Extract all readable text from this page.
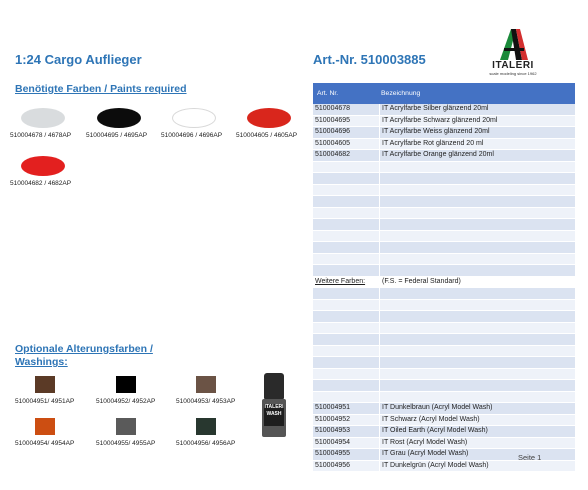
1:24 Cargo Auflieger	Art.-Nr. 510003885	ITALERI
scale modeling since 1962
Benötigte Farben / Paints required
510004678 / 4678AP	510004695 / 4695AP	510004696 / 4696AP	510004605 / 4605AP
510004682 / 4682AP
Optionale Alterungsfarben / Washings:
510004951/ 4951AP	510004952/ 4952AP	510004953/ 4953AP
510004954/ 4954AP	510004955/ 4955AP	510004956/ 4956AP
ITALERI WASH
Art. Nr.	Bezeichnung
510004678	IT Acrylfarbe Silber glänzend 20ml
510004695	IT Acrylfarbe Schwarz glänzend 20ml
510004696	IT Acrylfarbe Weiss glänzend 20ml
510004605	IT Acrylfarbe Rot glänzend 20 ml
510004682	IT Acrylfarbe Orange glänzend 20ml
Weitere Farben:	(F.S. = Federal Standard)
510004951	IT Dunkelbraun (Acryl Model Wash)
510004952	IT Schwarz (Acryl Model Wash)
510004953	IT Oiled Earth (Acryl Model Wash)
510004954	IT Rost (Acryl Model Wash)
510004955	IT Grau (Acryl Model Wash)
510004956	IT Dunkelgrün (Acryl Model Wash)
Seite 1
